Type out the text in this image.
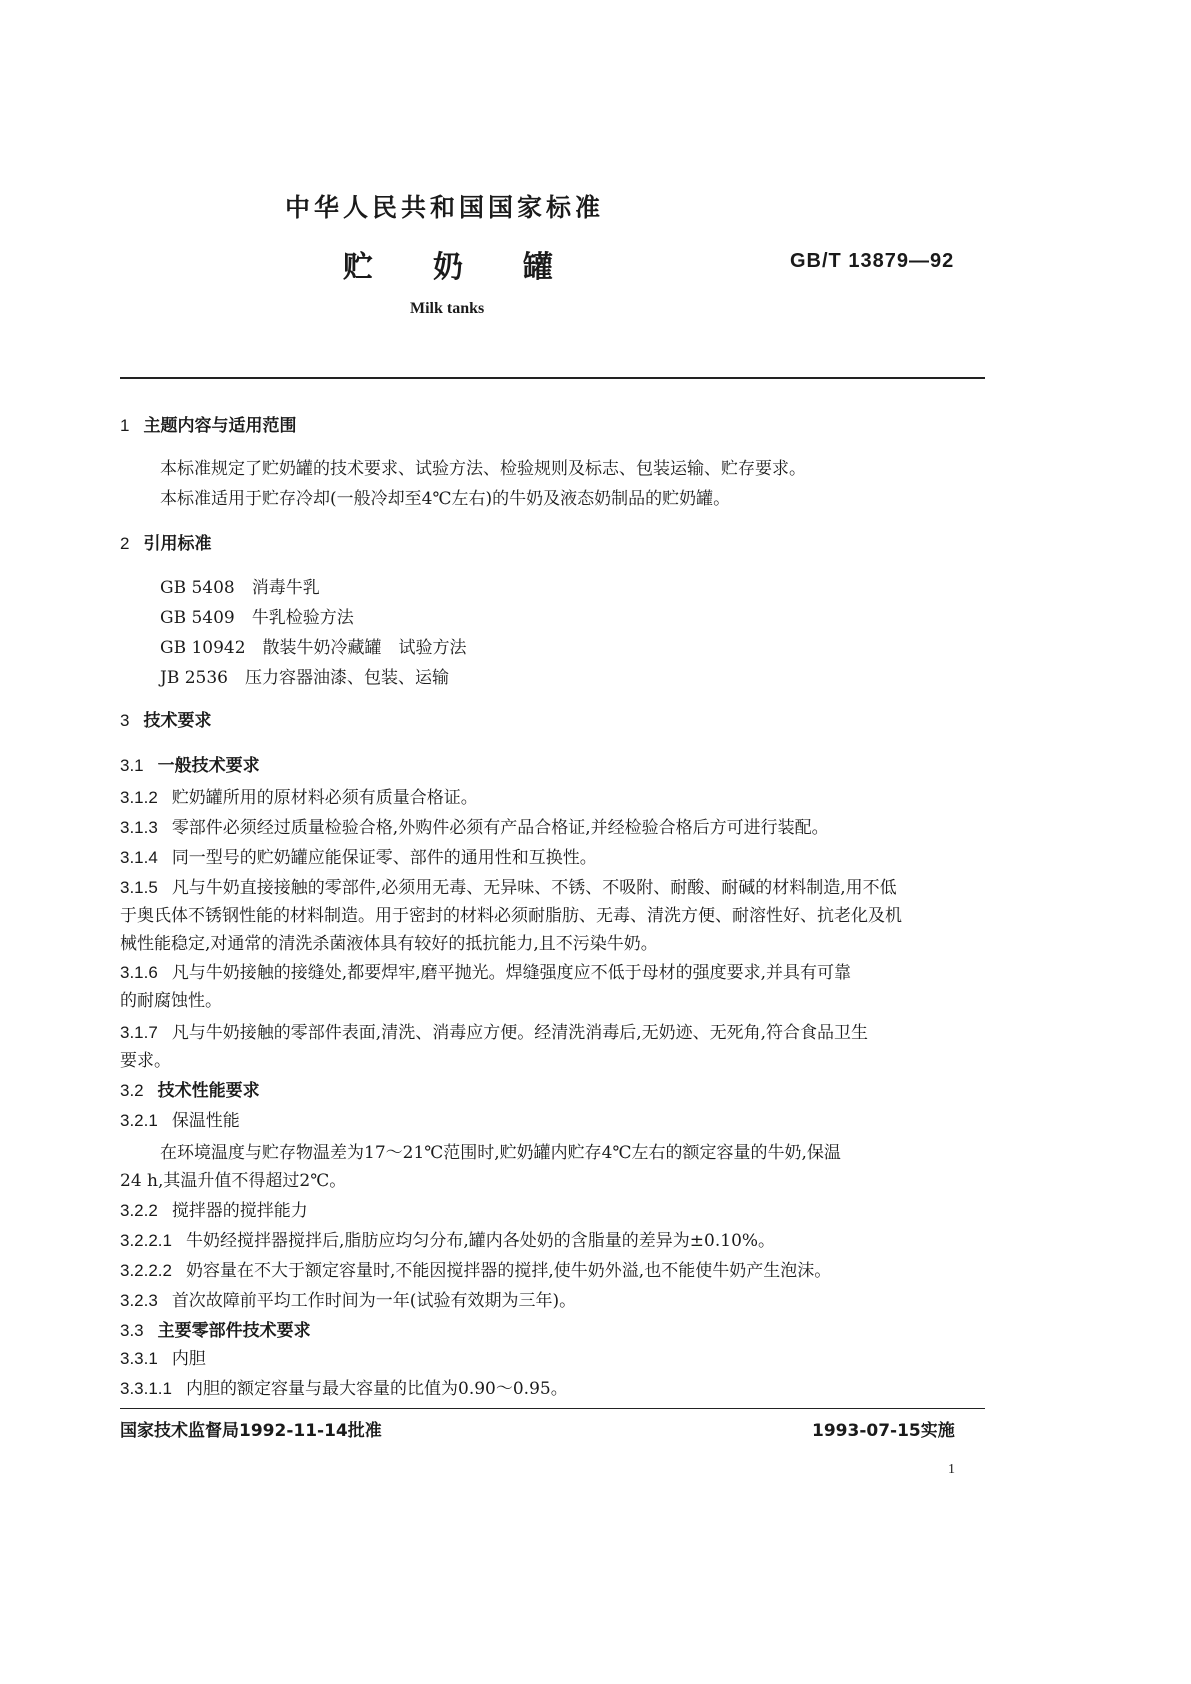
中华人民共和国国家标准
贮　　奶　　罐	GB/T 13879—92
Milk tanks
1 主题内容与适用范围
本标准规定了贮奶罐的技术要求、试验方法、检验规则及标志、包装运输、贮存要求。
本标准适用于贮存冷却(一般冷却至4℃左右)的牛奶及液态奶制品的贮奶罐。
2 引用标准
GB 5408　消毒牛乳
GB 5409　牛乳检验方法
GB 10942　散装牛奶冷藏罐　试验方法
JB 2536　压力容器油漆、包装、运输
3 技术要求
3.1 一般技术要求
3.1.2 贮奶罐所用的原材料必须有质量合格证。
3.1.3 零部件必须经过质量检验合格,外购件必须有产品合格证,并经检验合格后方可进行装配。
3.1.4 同一型号的贮奶罐应能保证零、部件的通用性和互换性。
3.1.5 凡与牛奶直接接触的零部件,必须用无毒、无异味、不锈、不吸附、耐酸、耐碱的材料制造,用不低
于奥氏体不锈钢性能的材料制造。用于密封的材料必须耐脂肪、无毒、清洗方便、耐溶性好、抗老化及机
械性能稳定,对通常的清洗杀菌液体具有较好的抵抗能力,且不污染牛奶。
3.1.6 凡与牛奶接触的接缝处,都要焊牢,磨平抛光。焊缝强度应不低于母材的强度要求,并具有可靠
的耐腐蚀性。
3.1.7 凡与牛奶接触的零部件表面,清洗、消毒应方便。经清洗消毒后,无奶迹、无死角,符合食品卫生
要求。
3.2 技术性能要求
3.2.1 保温性能
在环境温度与贮存物温差为17～21℃范围时,贮奶罐内贮存4℃左右的额定容量的牛奶,保温
24 h,其温升值不得超过2℃。
3.2.2 搅拌器的搅拌能力
3.2.2.1 牛奶经搅拌器搅拌后,脂肪应均匀分布,罐内各处奶的含脂量的差异为±0.10%。
3.2.2.2 奶容量在不大于额定容量时,不能因搅拌器的搅拌,使牛奶外溢,也不能使牛奶产生泡沫。
3.2.3 首次故障前平均工作时间为一年(试验有效期为三年)。
3.3 主要零部件技术要求
3.3.1 内胆
3.3.1.1 内胆的额定容量与最大容量的比值为0.90～0.95。
国家技术监督局1992-11-14批准	1993-07-15实施
1
